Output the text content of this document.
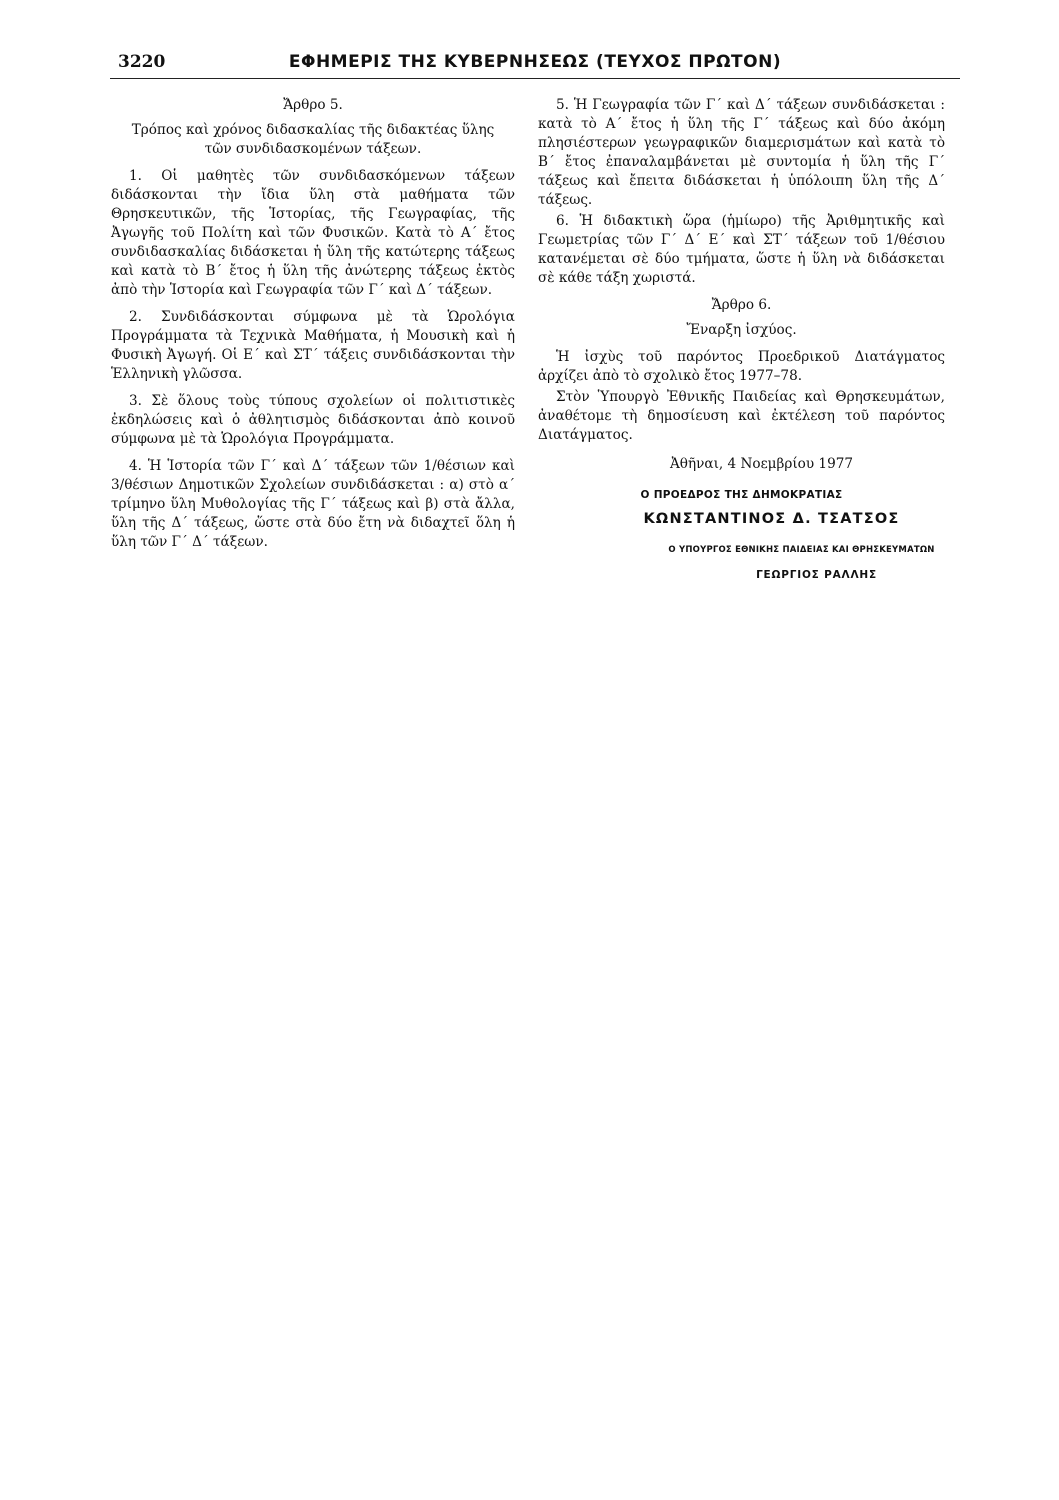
3220	ΕΦΗΜΕΡΙΣ ΤΗΣ ΚΥΒΕΡΝΗΣΕΩΣ (ΤΕΥΧΟΣ ΠΡΩΤΟΝ)

Ἄρθρο 5.

Τρόπος καὶ χρόνος διδασκαλίας τῆς διδακτέας ὕλης τῶν συνδιδασκομένων τάξεων.

1. Οἱ μαθητὲς τῶν συνδιδασκόμενων τάξεων διδάσκονται τὴν ἴδια ὕλη στὰ μαθήματα τῶν Θρησκευτικῶν, τῆς Ἱστορίας, τῆς Γεωγραφίας, τῆς Ἀγωγῆς τοῦ Πολίτη καὶ τῶν Φυσικῶν. Κατὰ τὸ Α΄ ἔτος συνδιδασκαλίας διδάσκεται ἡ ὕλη τῆς κατώτερης τάξεως καὶ κατὰ τὸ Β΄ ἔτος ἡ ὕλη τῆς ἀνώτερης τάξεως ἐκτὸς ἀπὸ τὴν Ἱστορία καὶ Γεωγραφία τῶν Γ΄ καὶ Δ΄ τάξεων.

2. Συνδιδάσκονται σύμφωνα μὲ τὰ Ὡρολόγια Προγράμματα τὰ Τεχνικὰ Μαθήματα, ἡ Μουσικὴ καὶ ἡ Φυσικὴ Ἀγωγή. Οἱ Ε΄ καὶ ΣΤ΄ τάξεις συνδιδάσκονται τὴν Ἑλληνικὴ γλῶσσα.

3. Σὲ ὅλους τοὺς τύπους σχολείων οἱ πολιτιστικὲς ἐκδηλώσεις καὶ ὁ ἀθλητισμὸς διδάσκονται ἀπὸ κοινοῦ σύμφωνα μὲ τὰ Ὡρολόγια Προγράμματα.

4. Ἡ Ἱστορία τῶν Γ΄ καὶ Δ΄ τάξεων τῶν 1/θέσιων καὶ 3/θέσιων Δημοτικῶν Σχολείων συνδιδάσκεται : α) στὸ α΄ τρίμηνο ὕλη Μυθολογίας τῆς Γ΄ τάξεως καὶ β) στὰ ἄλλα, ὕλη τῆς Δ΄ τάξεως, ὥστε στὰ δύο ἔτη νὰ διδαχτεῖ ὅλη ἡ ὕλη τῶν Γ΄ Δ΄ τάξεων.

5. Ἡ Γεωγραφία τῶν Γ΄ καὶ Δ΄ τάξεων συνδιδάσκεται : κατὰ τὸ Α΄ ἔτος ἡ ὕλη τῆς Γ΄ τάξεως καὶ δύο ἀκόμη πλησιέστερων γεωγραφικῶν διαμερισμάτων καὶ κατὰ τὸ Β΄ ἔτος ἐπαναλαμβάνεται μὲ συντομία ἡ ὕλη τῆς Γ΄ τάξεως καὶ ἔπειτα διδάσκεται ἡ ὑπόλοιπη ὕλη τῆς Δ΄ τάξεως.

6. Ἡ διδακτικὴ ὥρα (ἡμίωρο) τῆς Ἀριθμητικῆς καὶ Γεωμετρίας τῶν Γ΄ Δ΄ Ε΄ καὶ ΣΤ΄ τάξεων τοῦ 1/θέσιου κατανέμεται σὲ δύο τμήματα, ὥστε ἡ ὕλη νὰ διδάσκεται σὲ κάθε τάξη χωριστά.

Ἄρθρο 6.

Ἔναρξη ἰσχύος.

Ἡ ἰσχὺς τοῦ παρόντος Προεδρικοῦ Διατάγματος ἀρχίζει ἀπὸ τὸ σχολικὸ ἔτος 1977–78.

Στὸν Ὑπουργὸ Ἐθνικῆς Παιδείας καὶ Θρησκευμάτων, ἀναθέτομε τὴ δημοσίευση καὶ ἐκτέλεση τοῦ παρόντος Διατάγματος.

Ἀθῆναι, 4 Νοεμβρίου 1977

Ο ΠΡΟΕΔΡΟΣ ΤΗΣ ΔΗΜΟΚΡΑΤΙΑΣ

ΚΩΝΣΤΑΝΤΙΝΟΣ Δ. ΤΣΑΤΣΟΣ

Ο ΥΠΟΥΡΓΟΣ ΕΘΝΙΚΗΣ ΠΑΙΔΕΙΑΣ ΚΑΙ ΘΡΗΣΚΕΥΜΑΤΩΝ

ΓΕΩΡΓΙΟΣ ΡΑΛΛΗΣ
